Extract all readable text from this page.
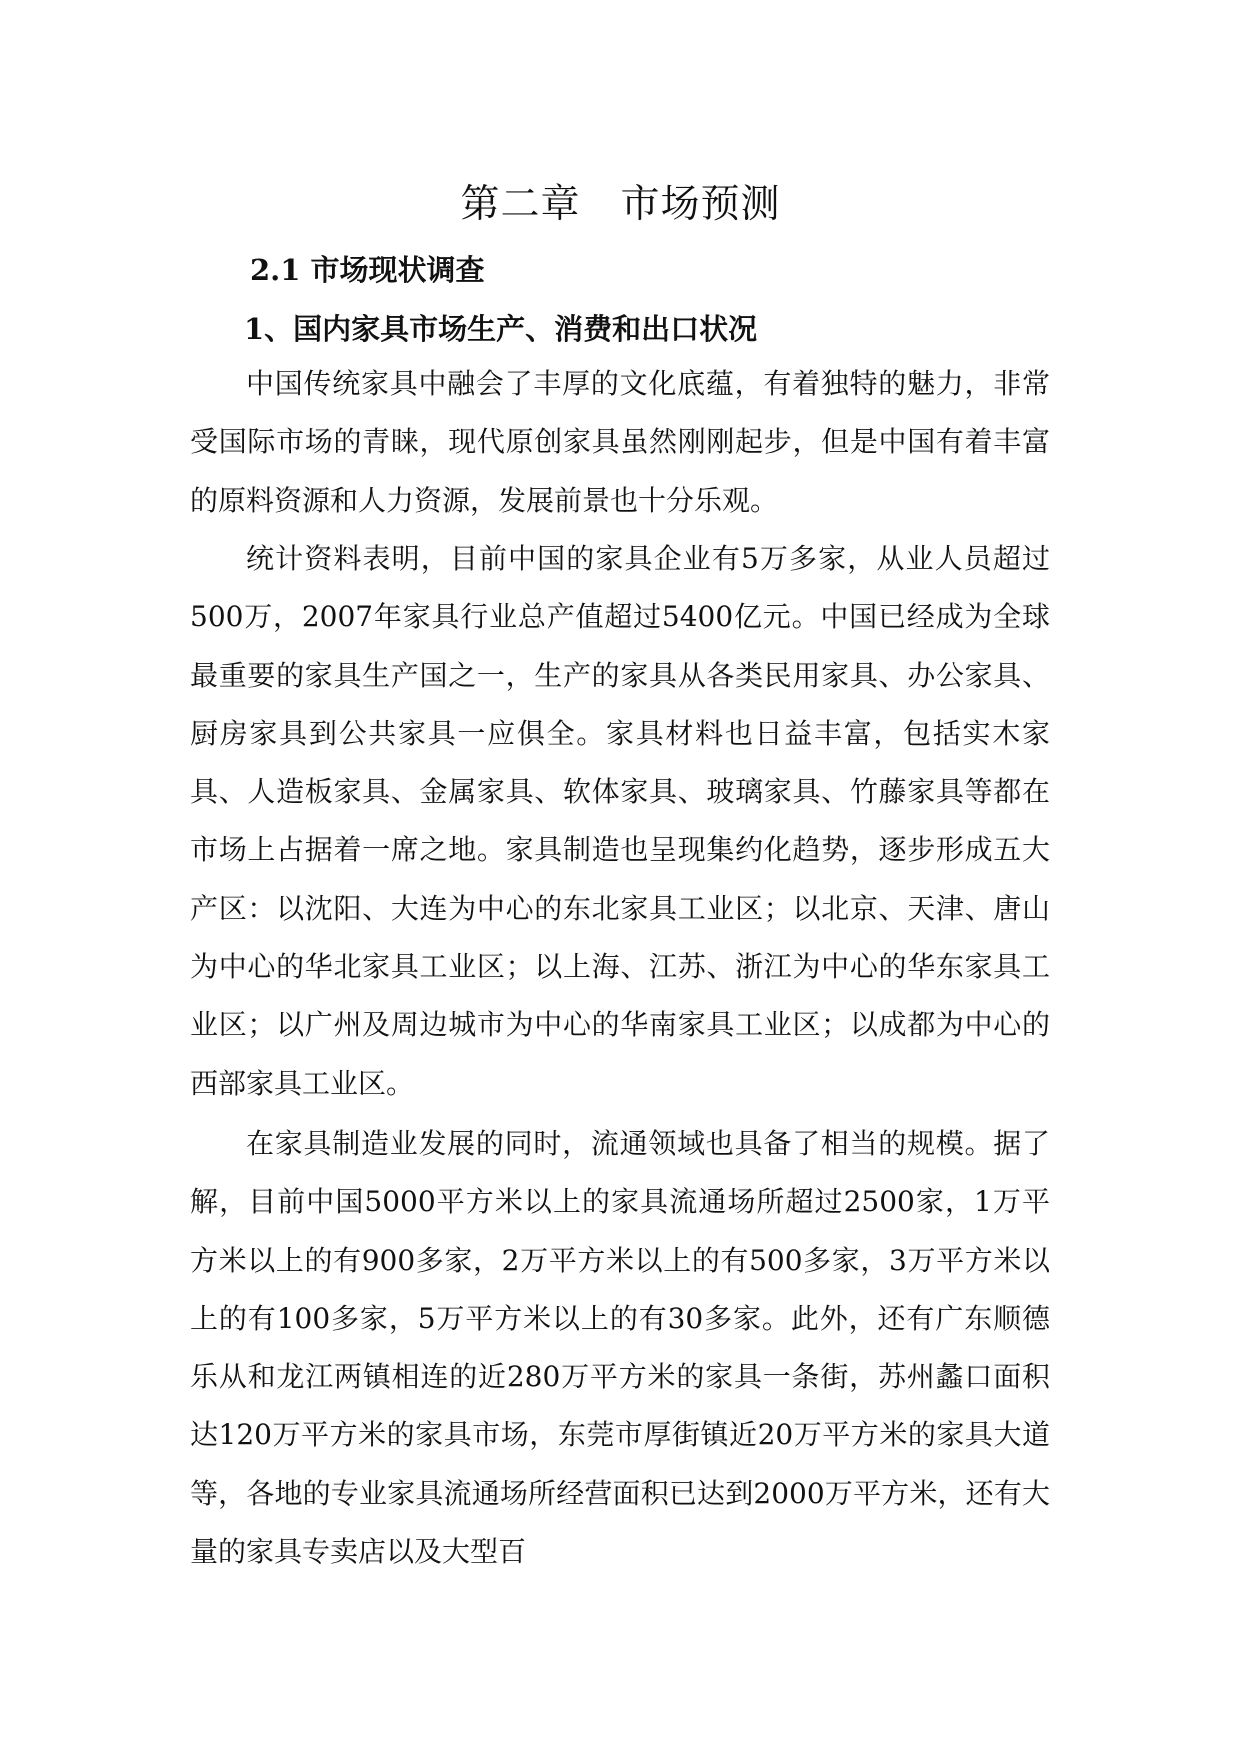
第二章 市场预测
2.1 市场现状调查
1、国内家具市场生产、消费和出口状况

中国传统家具中融会了丰厚的文化底蕴，有着独特的魅力，非常受国际市场的青睐，现代原创家具虽然刚刚起步，但是中国有着丰富的原料资源和人力资源，发展前景也十分乐观。

统计资料表明，目前中国的家具企业有5万多家，从业人员超过500万，2007年家具行业总产值超过5400亿元。中国已经成为全球最重要的家具生产国之一，生产的家具从各类民用家具、办公家具、厨房家具到公共家具一应俱全。家具材料也日益丰富，包括实木家具、人造板家具、金属家具、软体家具、玻璃家具、竹藤家具等都在市场上占据着一席之地。家具制造也呈现集约化趋势，逐步形成五大产区：以沈阳、大连为中心的东北家具工业区；以北京、天津、唐山为中心的华北家具工业区；以上海、江苏、浙江为中心的华东家具工业区；以广州及周边城市为中心的华南家具工业区；以成都为中心的西部家具工业区。

在家具制造业发展的同时，流通领域也具备了相当的规模。据了解，目前中国5000平方米以上的家具流通场所超过2500家，1万平方米以上的有900多家，2万平方米以上的有500多家，3万平方米以上的有100多家，5万平方米以上的有30多家。此外，还有广东顺德乐从和龙江两镇相连的近280万平方米的家具一条街，苏州蠡口面积达120万平方米的家具市场，东莞市厚街镇近20万平方米的家具大道等，各地的专业家具流通场所经营面积已达到2000万平方米，还有大量的家具专卖店以及大型百
